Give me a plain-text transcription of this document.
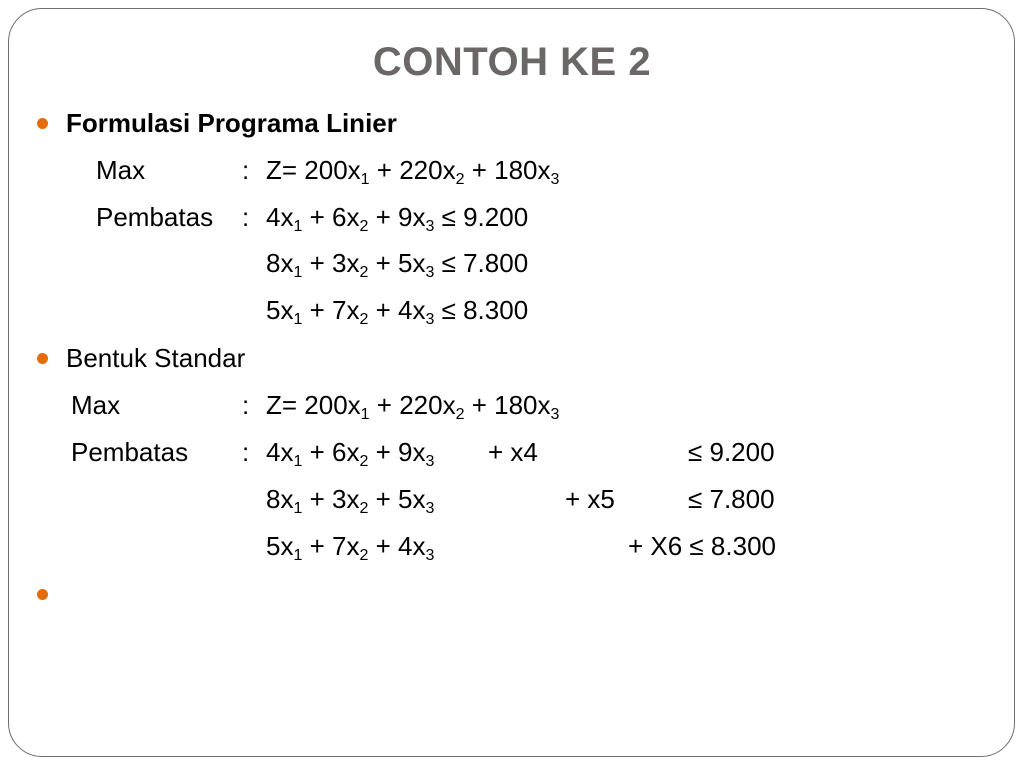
CONTOH KE 2
Formulasi Programa Linier
Max	: $Z= 200x_1 + 220x_2 + 180x_3$
Pembatas : $4x_1 + 6x_2 + 9x_3 \le 9.200$
$8x_1 + 3x_2 + 5x_3 \le 7.800$
$5x_1 + 7x_2 + 4x_3 \le 8.300$
Bentuk Standar
Max	: $Z= 200x_1 + 220x_2 + 180x_3$
Pembatas : $4x_1 + 6x_2 + 9x_3 + x4$	≤ 9.200
$8x_1 + 3x_2 + 5x_3$	+ x5	≤ 7.800
$5x_1 + 7x_2 + 4x_3$	+ X6 ≤ 8.300
